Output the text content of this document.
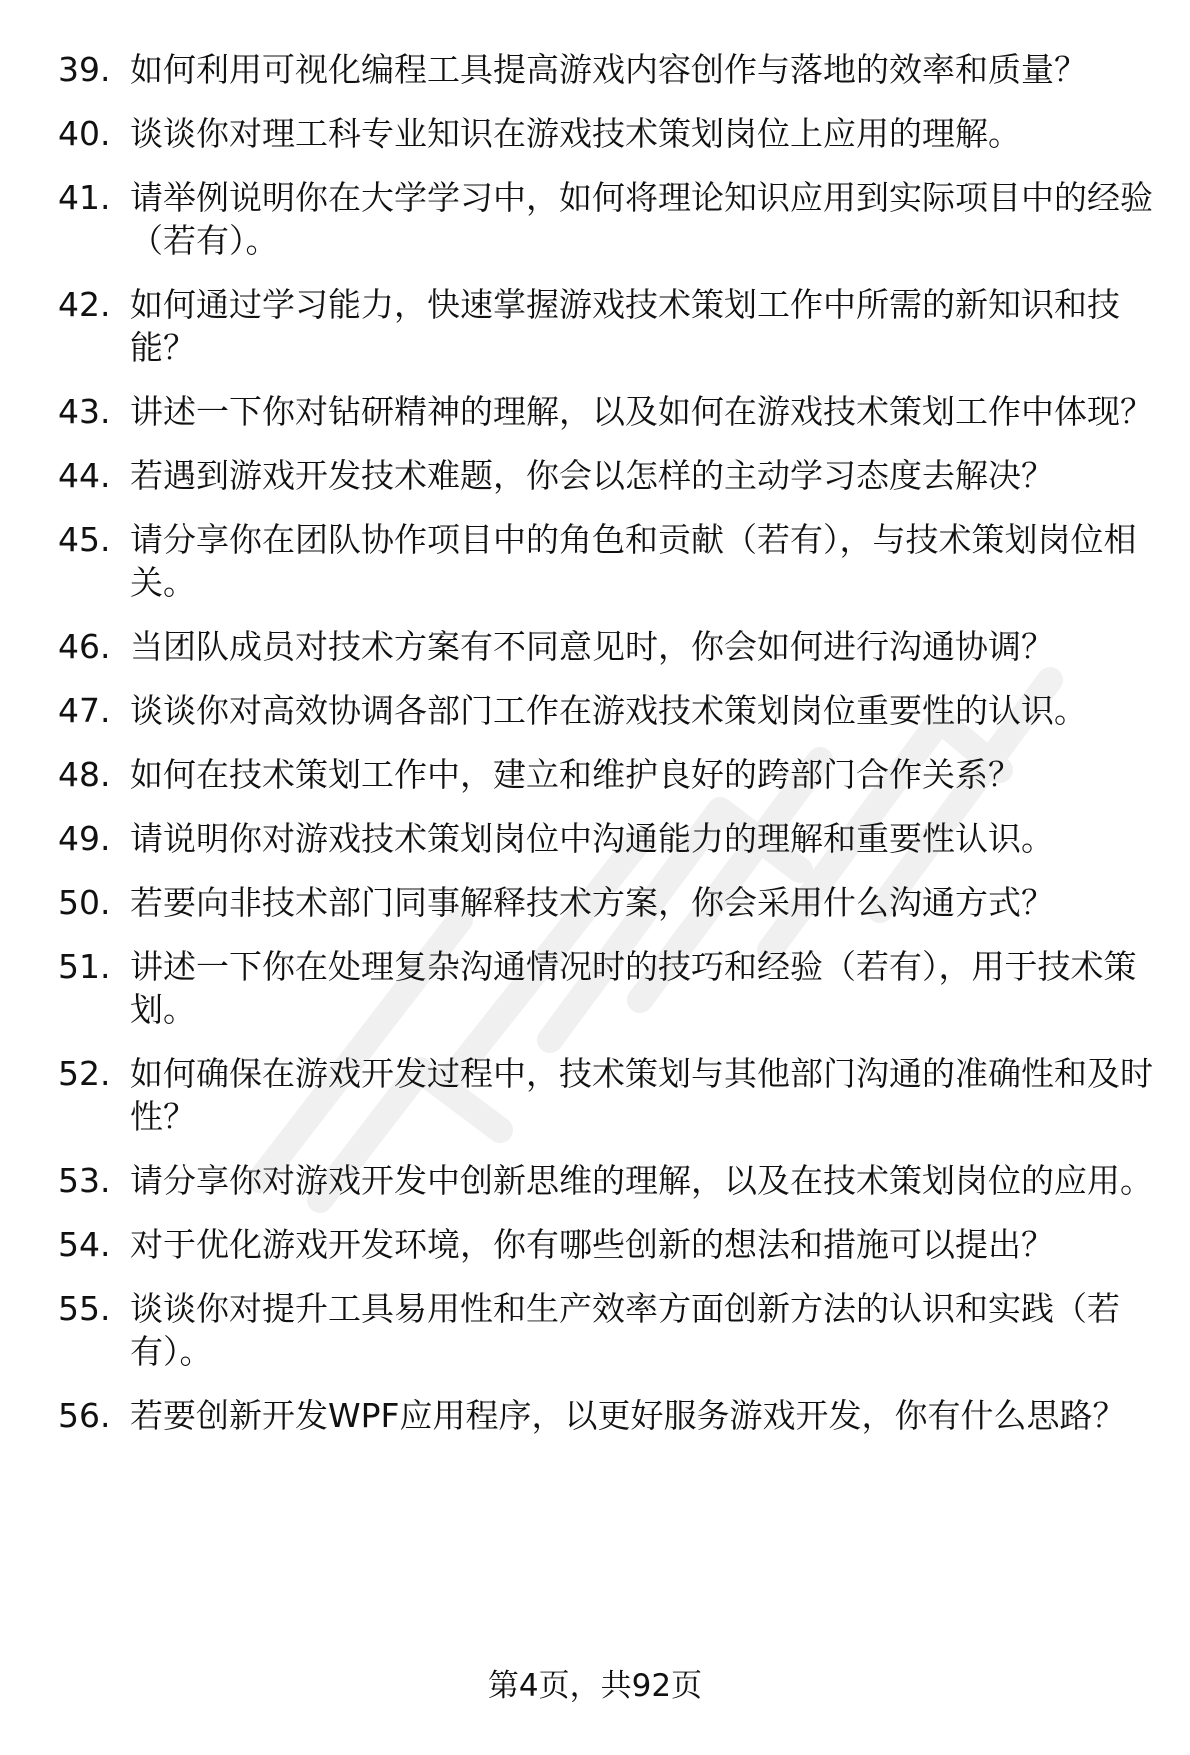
39. 如何利用可视化编程工具提高游戏内容创作与落地的效率和质量？
40. 谈谈你对理工科专业知识在游戏技术策划岗位上应用的理解。
41. 请举例说明你在大学学习中，如何将理论知识应用到实际项目中的经验（若有）。
42. 如何通过学习能力，快速掌握游戏技术策划工作中所需的新知识和技能？
43. 讲述一下你对钻研精神的理解，以及如何在游戏技术策划工作中体现？
44. 若遇到游戏开发技术难题，你会以怎样的主动学习态度去解决？
45. 请分享你在团队协作项目中的角色和贡献（若有），与技术策划岗位相关。
46. 当团队成员对技术方案有不同意见时，你会如何进行沟通协调？
47. 谈谈你对高效协调各部门工作在游戏技术策划岗位重要性的认识。
48. 如何在技术策划工作中，建立和维护良好的跨部门合作关系？
49. 请说明你对游戏技术策划岗位中沟通能力的理解和重要性认识。
50. 若要向非技术部门同事解释技术方案，你会采用什么沟通方式？
51. 讲述一下你在处理复杂沟通情况时的技巧和经验（若有），用于技术策划。
52. 如何确保在游戏开发过程中，技术策划与其他部门沟通的准确性和及时性？
53. 请分享你对游戏开发中创新思维的理解，以及在技术策划岗位的应用。
54. 对于优化游戏开发环境，你有哪些创新的想法和措施可以提出？
55. 谈谈你对提升工具易用性和生产效率方面创新方法的认识和实践（若有）。
56. 若要创新开发WPF应用程序，以更好服务游戏开发，你有什么思路？
第4页，共92页
